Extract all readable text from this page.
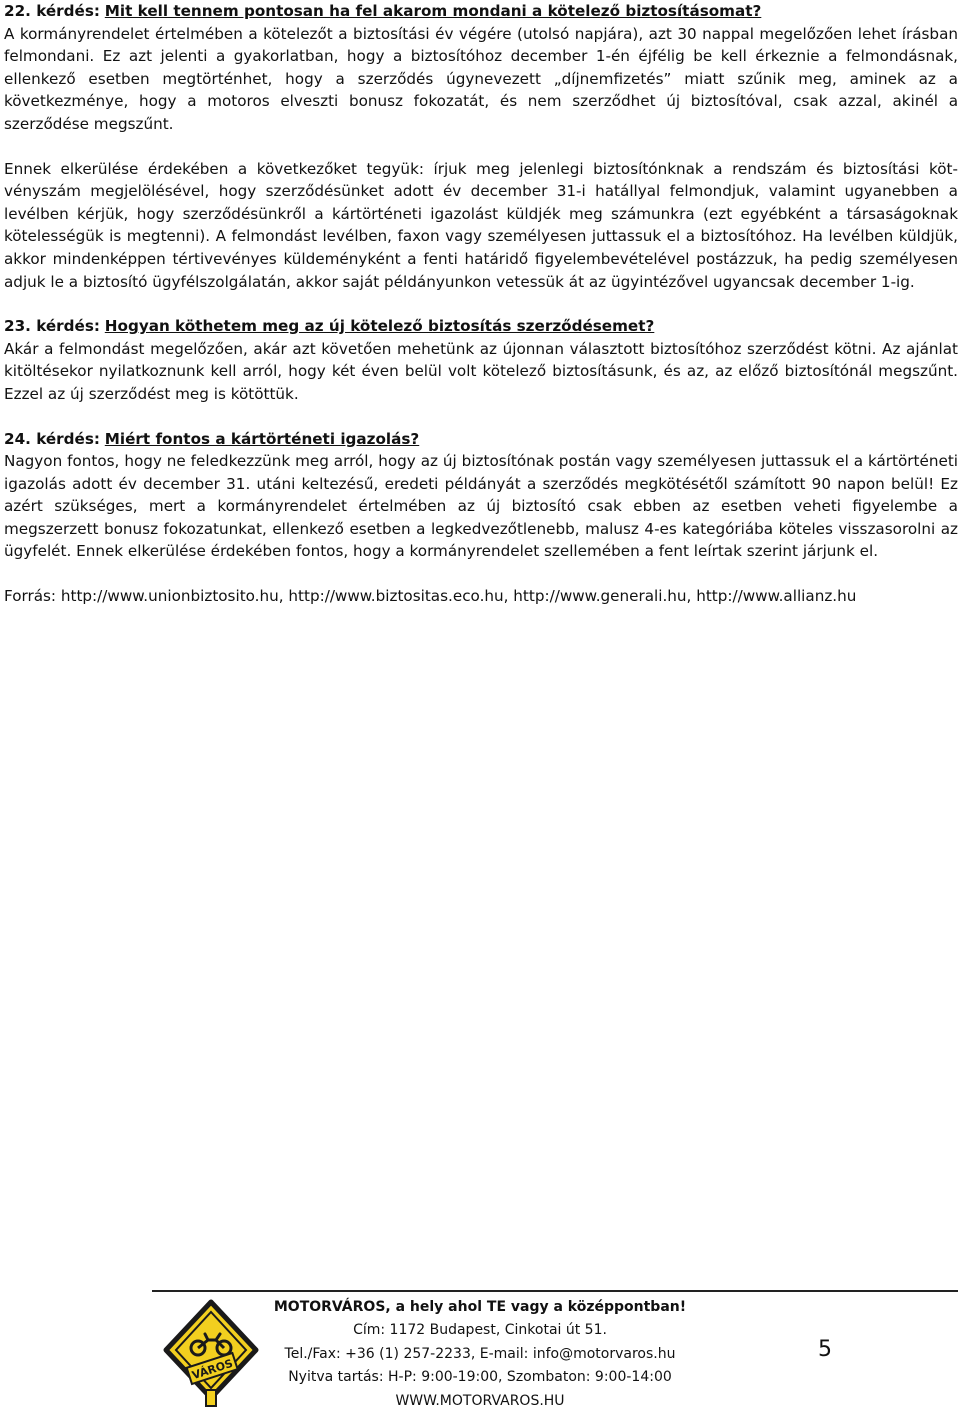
22. kérdés: Mit kell tennem pontosan ha fel akarom mondani a kötelező biztosításomat?

A kormányrendelet értelmében a kötelezőt a biztosítási év végére (utolsó napjára), azt 30 nappal megelőzően lehet írásban felmondani. Ez azt jelenti a gyakorlatban, hogy a biztosítóhoz december 1-én éjfélig be kell érkeznie a felmondásnak, ellenkező esetben megtörténhet, hogy a szerződés úgynevezett „díjnemfizetés” miatt szűnik meg, aminek az a következménye, hogy a motoros elveszti bonusz fokozatát, és nem szerződhet új biztosítóval, csak azzal, akinél a szerződése megszűnt.

Ennek elkerülése érdekében a következőket tegyük: írjuk meg jelenlegi biztosítónknak a rendszám és biztosítási kötvényszám megjelölésével, hogy szerződésünket adott év december 31-i hatállyal felmondjuk, valamint ugyanebben a levélben kérjük, hogy szerződésünkről a kártörténeti igazolást küldjék meg számunkra (ezt egyébként a társaságoknak kötelességük is megtenni). A felmondást levélben, faxon vagy személyesen juttassuk el a biztosítóhoz. Ha levélben küldjük, akkor mindenképpen tértivevényes küldeményként a fenti határidő figyelembevételével postázzuk, ha pedig személyesen adjuk le a biztosító ügyfélszolgálatán, akkor saját példányunkon vetessük át az ügyintézővel ugyancsak december 1-ig.

23. kérdés: Hogyan köthetem meg az új kötelező biztosítás szerződésemet?

Akár a felmondást megelőzően, akár azt követően mehetünk az újonnan választott biztosítóhoz szerződést kötni. Az ajánlat kitöltésekor nyilatkoznunk kell arról, hogy két éven belül volt kötelező biztosításunk, és az, az előző biztosítónál megszűnt. Ezzel az új szerződést meg is kötöttük.

24. kérdés: Miért fontos a kártörténeti igazolás?

Nagyon fontos, hogy ne feledkezzünk meg arról, hogy az új biztosítónak postán vagy személyesen juttassuk el a kártörténeti igazolás adott év december 31. utáni keltezésű, eredeti példányát a szerződés megkötésétől számított 90 napon belül! Ez azért szükséges, mert a kormányrendelet értelmében az új biztosító csak ebben az esetben veheti figyelembe a megszerzett bonusz fokozatunkat, ellenkező esetben a legkedvezőtlenebb, malusz 4-es kategóriába köteles visszasorolni az ügyfelét. Ennek elkerülése érdekében fontos, hogy a kormányrendelet szellemében a fent leírtak szerint járjunk el.

Forrás: http://www.unionbiztosito.hu, http://www.biztositas.eco.hu, http://www.generali.hu, http://www.allianz.hu

VÁROS
MOTORVÁROS, a hely ahol TE vagy a középpontban!
Cím: 1172 Budapest, Cinkotai út 51.
Tel./Fax: +36 (1) 257-2233, E-mail: info@motorvaros.hu
Nyitva tartás: H-P: 9:00-19:00, Szombaton: 9:00-14:00
WWW.MOTORVAROS.HU
5
